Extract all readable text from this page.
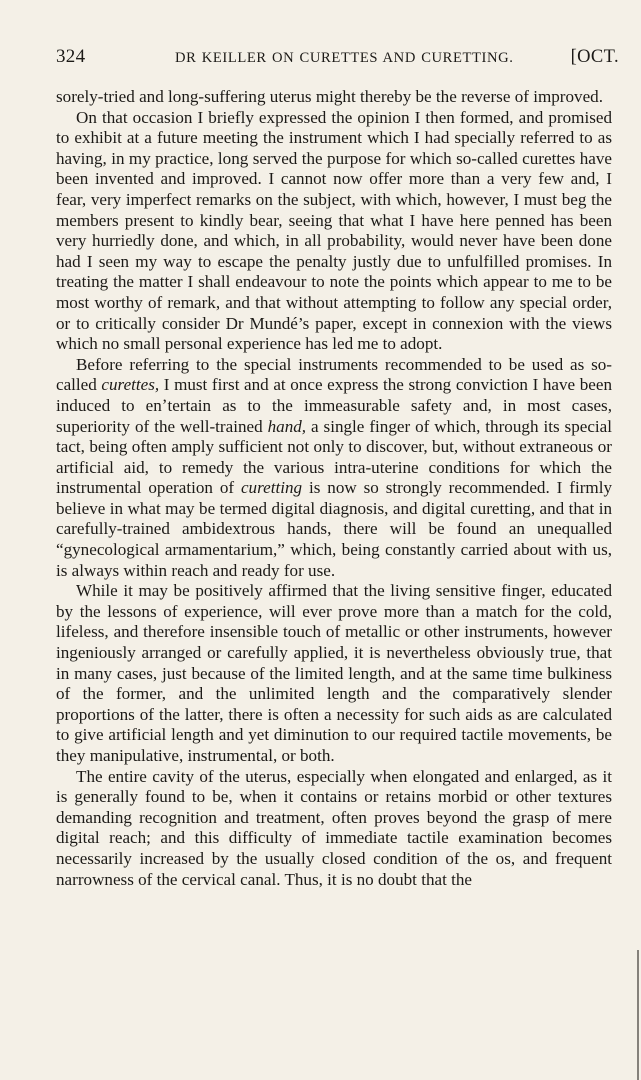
324	DR KEILLER ON CURETTES AND CURETTING.	[OCT.

sorely-tried and long-suffering uterus might thereby be the reverse of improved.

On that occasion I briefly expressed the opinion I then formed, and promised to exhibit at a future meeting the instrument which I had specially referred to as having, in my practice, long served the purpose for which so-called curettes have been invented and improved. I cannot now offer more than a very few and, I fear, very imperfect remarks on the subject, with which, however, I must beg the members present to kindly bear, seeing that what I have here penned has been very hurriedly done, and which, in all probability, would never have been done had I seen my way to escape the penalty justly due to unfulfilled promises. In treating the matter I shall endeavour to note the points which appear to me to be most worthy of remark, and that without attempting to follow any special order, or to critically consider Dr Mundé’s paper, except in connexion with the views which no small personal experience has led me to adopt.

Before referring to the special instruments recommended to be used as so-called curettes, I must first and at once express the strong conviction I have been induced to enʼtertain as to the immeasurable safety and, in most cases, superiority of the well-trained hand, a single finger of which, through its special tact, being often amply sufficient not only to discover, but, without extraneous or artificial aid, to remedy the various intra-uterine conditions for which the instrumental operation of curetting is now so strongly recommended. I firmly believe in what may be termed digital diagnosis, and digital curetting, and that in carefully-trained ambidextrous hands, there will be found an unequalled “gynecological armamentarium,” which, being constantly carried about with us, is always within reach and ready for use.

While it may be positively affirmed that the living sensitive finger, educated by the lessons of experience, will ever prove more than a match for the cold, lifeless, and therefore insensible touch of metallic or other instruments, however ingeniously arranged or carefully applied, it is nevertheless obviously true, that in many cases, just because of the limited length, and at the same time bulkiness of the former, and the unlimited length and the comparatively slender proportions of the latter, there is often a necessity for such aids as are calculated to give artificial length and yet diminution to our required tactile movements, be they manipulative, instrumental, or both.

The entire cavity of the uterus, especially when elongated and enlarged, as it is generally found to be, when it contains or retains morbid or other textures demanding recognition and treatment, often proves beyond the grasp of mere digital reach; and this difficulty of immediate tactile examination becomes necessarily increased by the usually closed condition of the os, and frequent narrowness of the cervical canal. Thus, it is no doubt that the
